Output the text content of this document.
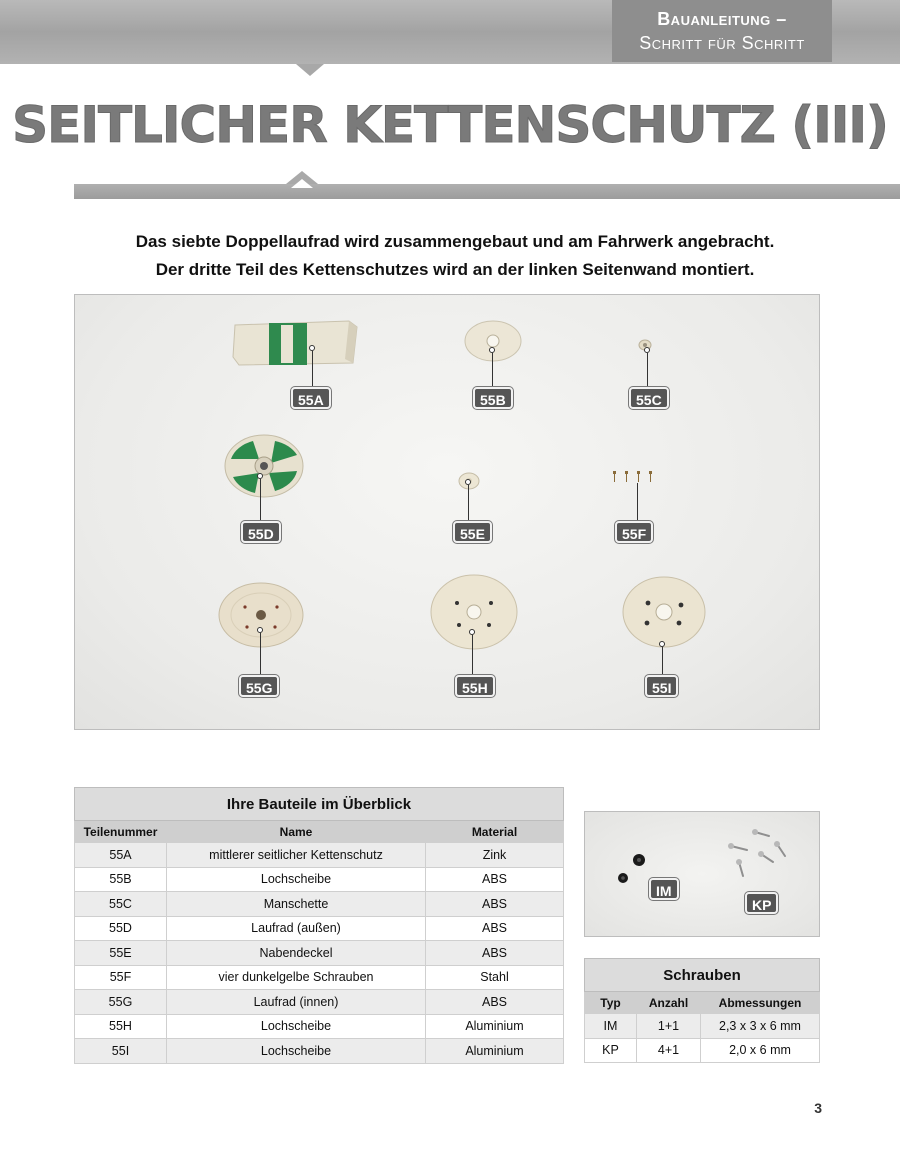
Bauanleitung –
Schritt für Schritt
SEITLICHER KETTENSCHUTZ (III)
Das siebte Doppellaufrad wird zusammengebaut und am Fahrwerk angebracht.
Der dritte Teil des Kettenschutzes wird an der linken Seitenwand montiert.
55A	55B	55C
55D	55E	55F
55G	55H	55I
Ihre Bauteile im Überblick		
Teilenummer	Name	Material
55A	mittlerer seitlicher Kettenschutz	Zink
55B	Lochscheibe	ABS
55C	Manschette	ABS
55D	Laufrad (außen)	ABS
55E	Nabendeckel	ABS
55F	vier dunkelgelbe Schrauben	Stahl
55G	Laufrad (innen)	ABS
55H	Lochscheibe	Aluminium
55I	Lochscheibe	Aluminium
IM
KP
Schrauben		
Typ	Anzahl	Abmessungen
IM	1+1	2,3 x 3 x 6 mm
KP	4+1	2,0 x 6 mm
3
